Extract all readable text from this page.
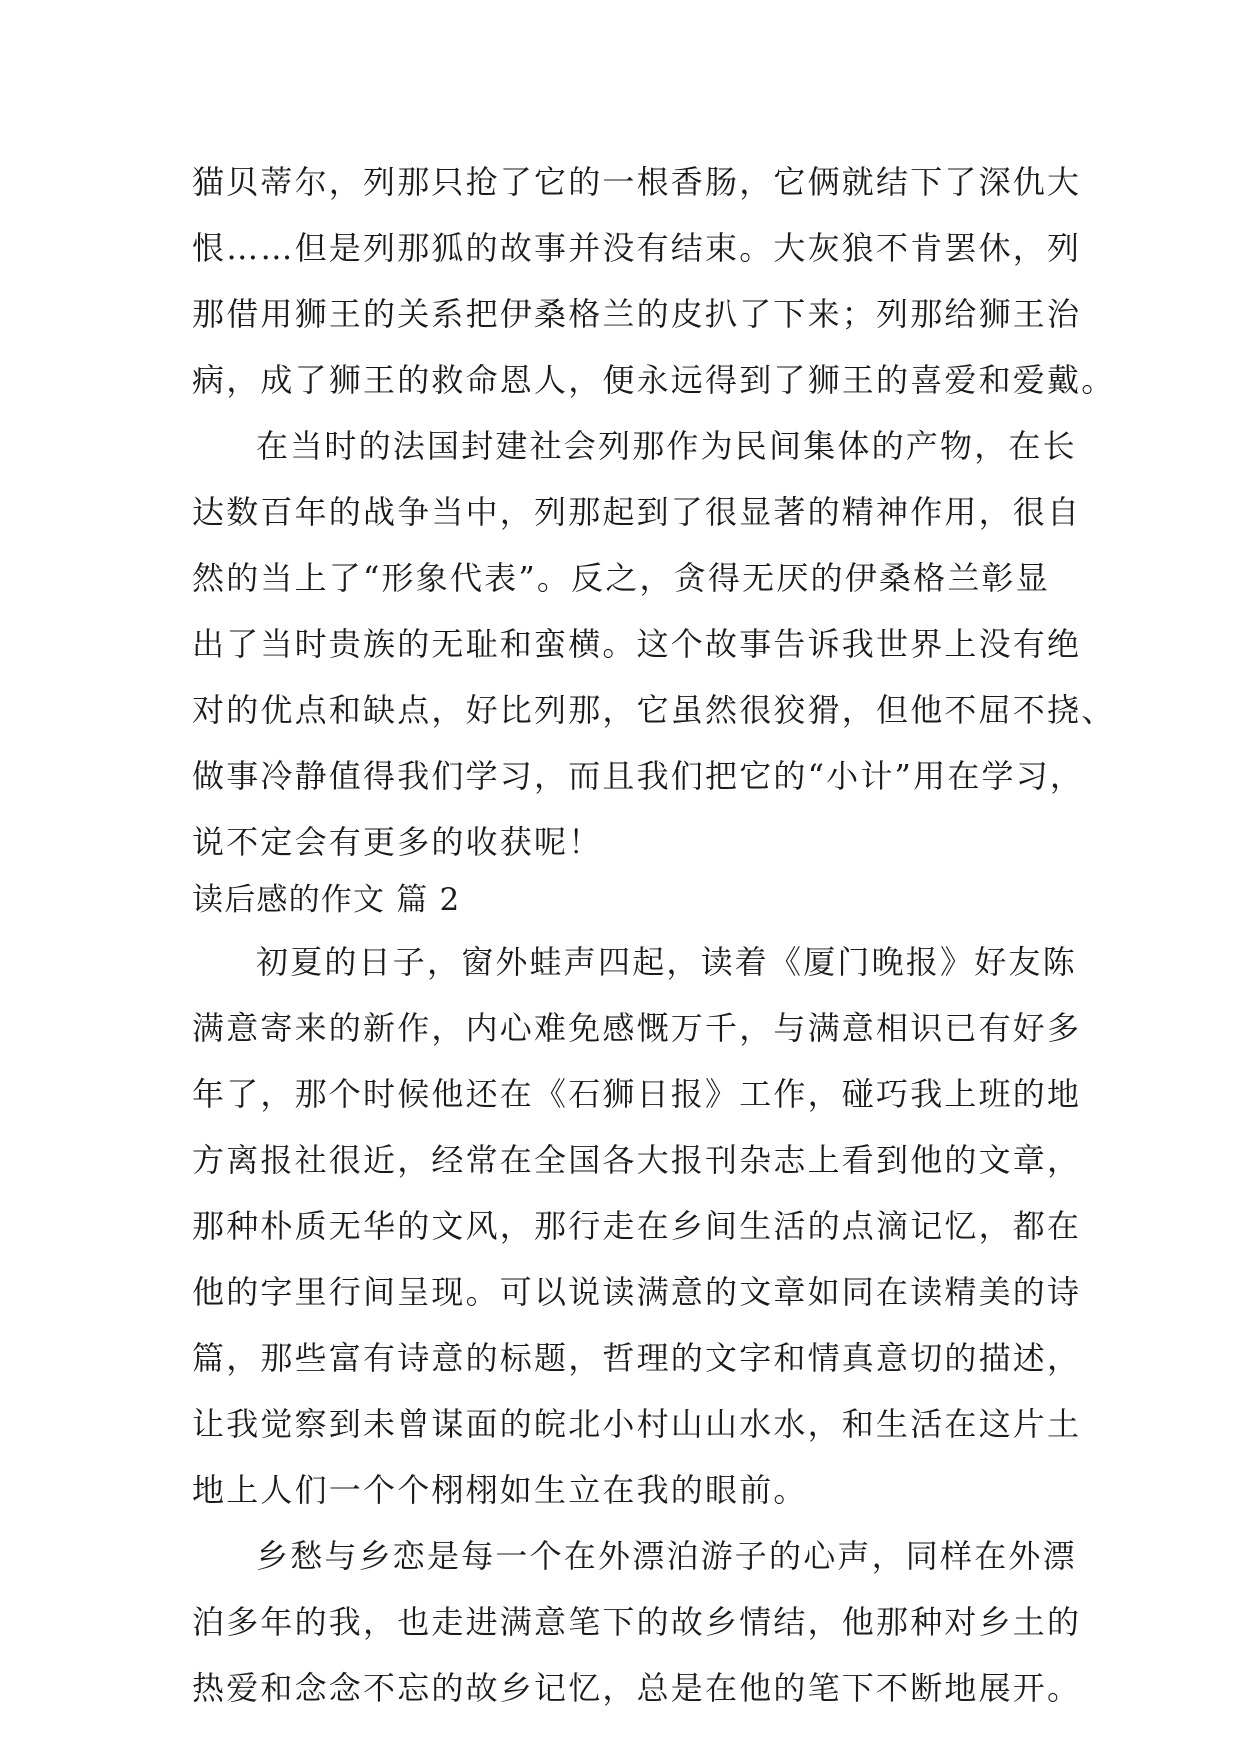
猫贝蒂尔，列那只抢了它的一根香肠，它俩就结下了深仇大
恨……但是列那狐的故事并没有结束。大灰狼不肯罢休，列
那借用狮王的关系把伊桑格兰的皮扒了下来；列那给狮王治
病，成了狮王的救命恩人，便永远得到了狮王的喜爱和爱戴。
在当时的法国封建社会列那作为民间集体的产物，在长
达数百年的战争当中，列那起到了很显著的精神作用，很自
然的当上了“形象代表”。反之，贪得无厌的伊桑格兰彰显
出了当时贵族的无耻和蛮横。这个故事告诉我世界上没有绝
对的优点和缺点，好比列那，它虽然很狡猾，但他不屈不挠、
做事冷静值得我们学习，而且我们把它的“小计”用在学习，
说不定会有更多的收获呢！
读后感的作文 篇 2
初夏的日子，窗外蛙声四起，读着《厦门晚报》好友陈
满意寄来的新作，内心难免感慨万千，与满意相识已有好多
年了，那个时候他还在《石狮日报》工作，碰巧我上班的地
方离报社很近，经常在全国各大报刊杂志上看到他的文章，
那种朴质无华的文风，那行走在乡间生活的点滴记忆，都在
他的字里行间呈现。可以说读满意的文章如同在读精美的诗
篇，那些富有诗意的标题，哲理的文字和情真意切的描述，
让我觉察到未曾谋面的皖北小村山山水水，和生活在这片土
地上人们一个个栩栩如生立在我的眼前。
乡愁与乡恋是每一个在外漂泊游子的心声，同样在外漂
泊多年的我，也走进满意笔下的故乡情结，他那种对乡土的
热爱和念念不忘的故乡记忆，总是在他的笔下不断地展开。
